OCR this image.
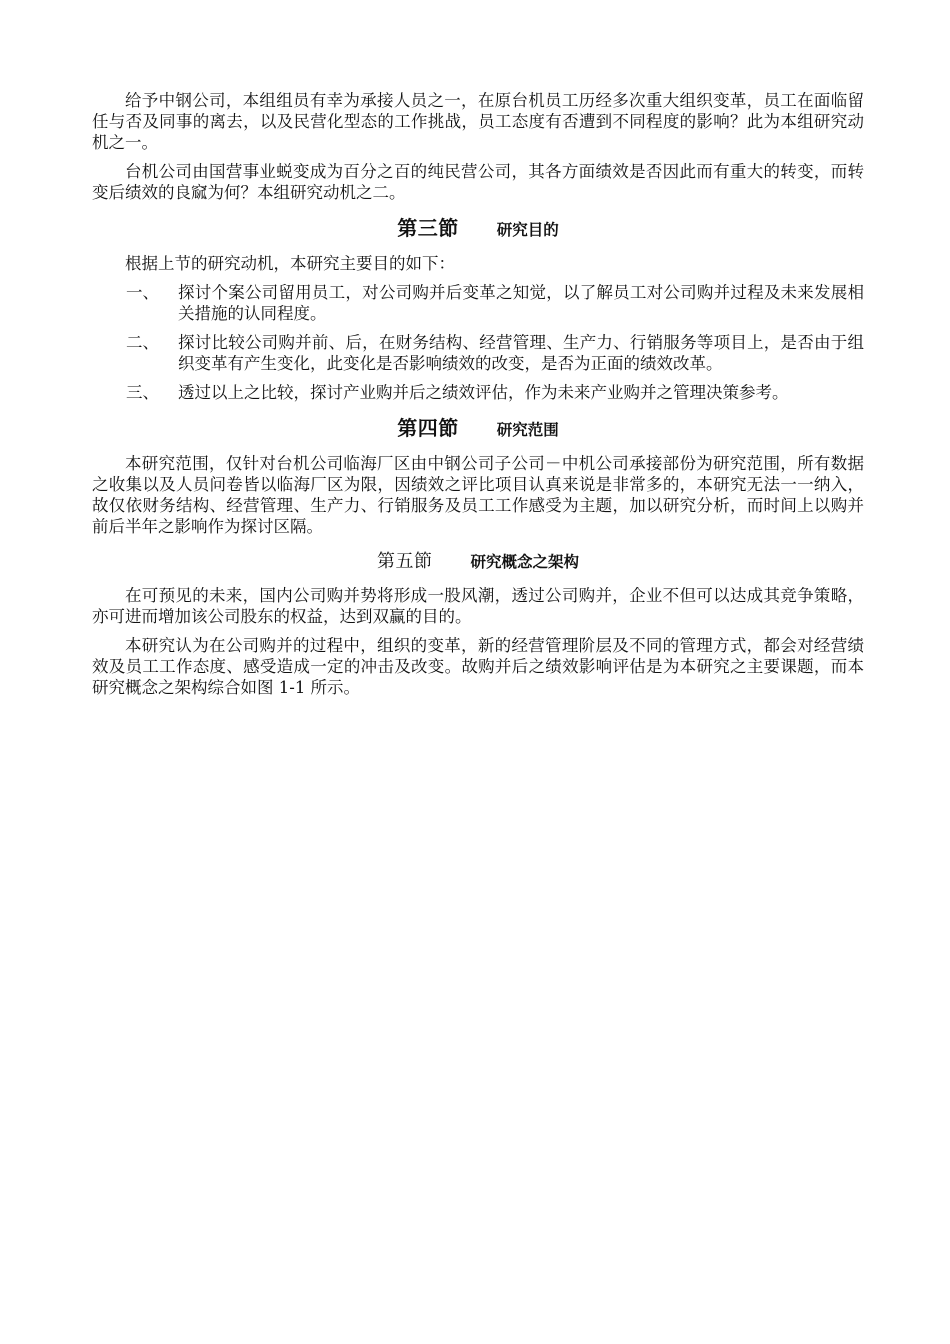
给予中钢公司，本组组员有幸为承接人员之一，在原台机员工历经多次重大组织变革，员工在面临留任与否及同事的离去，以及民营化型态的工作挑战，员工态度有否遭到不同程度的影响？此为本组研究动机之一。

台机公司由国营事业蜕变成为百分之百的纯民营公司，其各方面绩效是否因此而有重大的转变，而转变后绩效的良窳为何？本组研究动机之二。

第三節 研究目的

根据上节的研究动机，本研究主要目的如下：

一、	探讨个案公司留用员工，对公司购并后变革之知觉，以了解员工对公司购并过程及未来发展相关措施的认同程度。
二、	探讨比较公司购并前、后，在财务结构、经营管理、生产力、行销服务等项目上，是否由于组织变革有产生变化，此变化是否影响绩效的改变，是否为正面的绩效改革。
三、	透过以上之比较，探讨产业购并后之绩效评估，作为未来产业购并之管理决策参考。
第四節 研究范围

本研究范围，仅针对台机公司临海厂区由中钢公司子公司－中机公司承接部份为研究范围，所有数据之收集以及人员问卷皆以临海厂区为限，因绩效之评比项目认真来说是非常多的，本研究无法一一纳入，故仅依财务结构、经营管理、生产力、行销服务及员工工作感受为主题，加以研究分析，而时间上以购并前后半年之影响作为探讨区隔。

第五節 研究概念之架构

在可预见的未来，国内公司购并势将形成一股风潮，透过公司购并，企业不但可以达成其竞争策略，亦可进而增加该公司股东的权益，达到双赢的目的。

本研究认为在公司购并的过程中，组织的变革，新的经营管理阶层及不同的管理方式，都会对经营绩效及员工工作态度、感受造成一定的冲击及改变。故购并后之绩效影响评估是为本研究之主要课题，而本研究概念之架构综合如图 1-1 所示。
